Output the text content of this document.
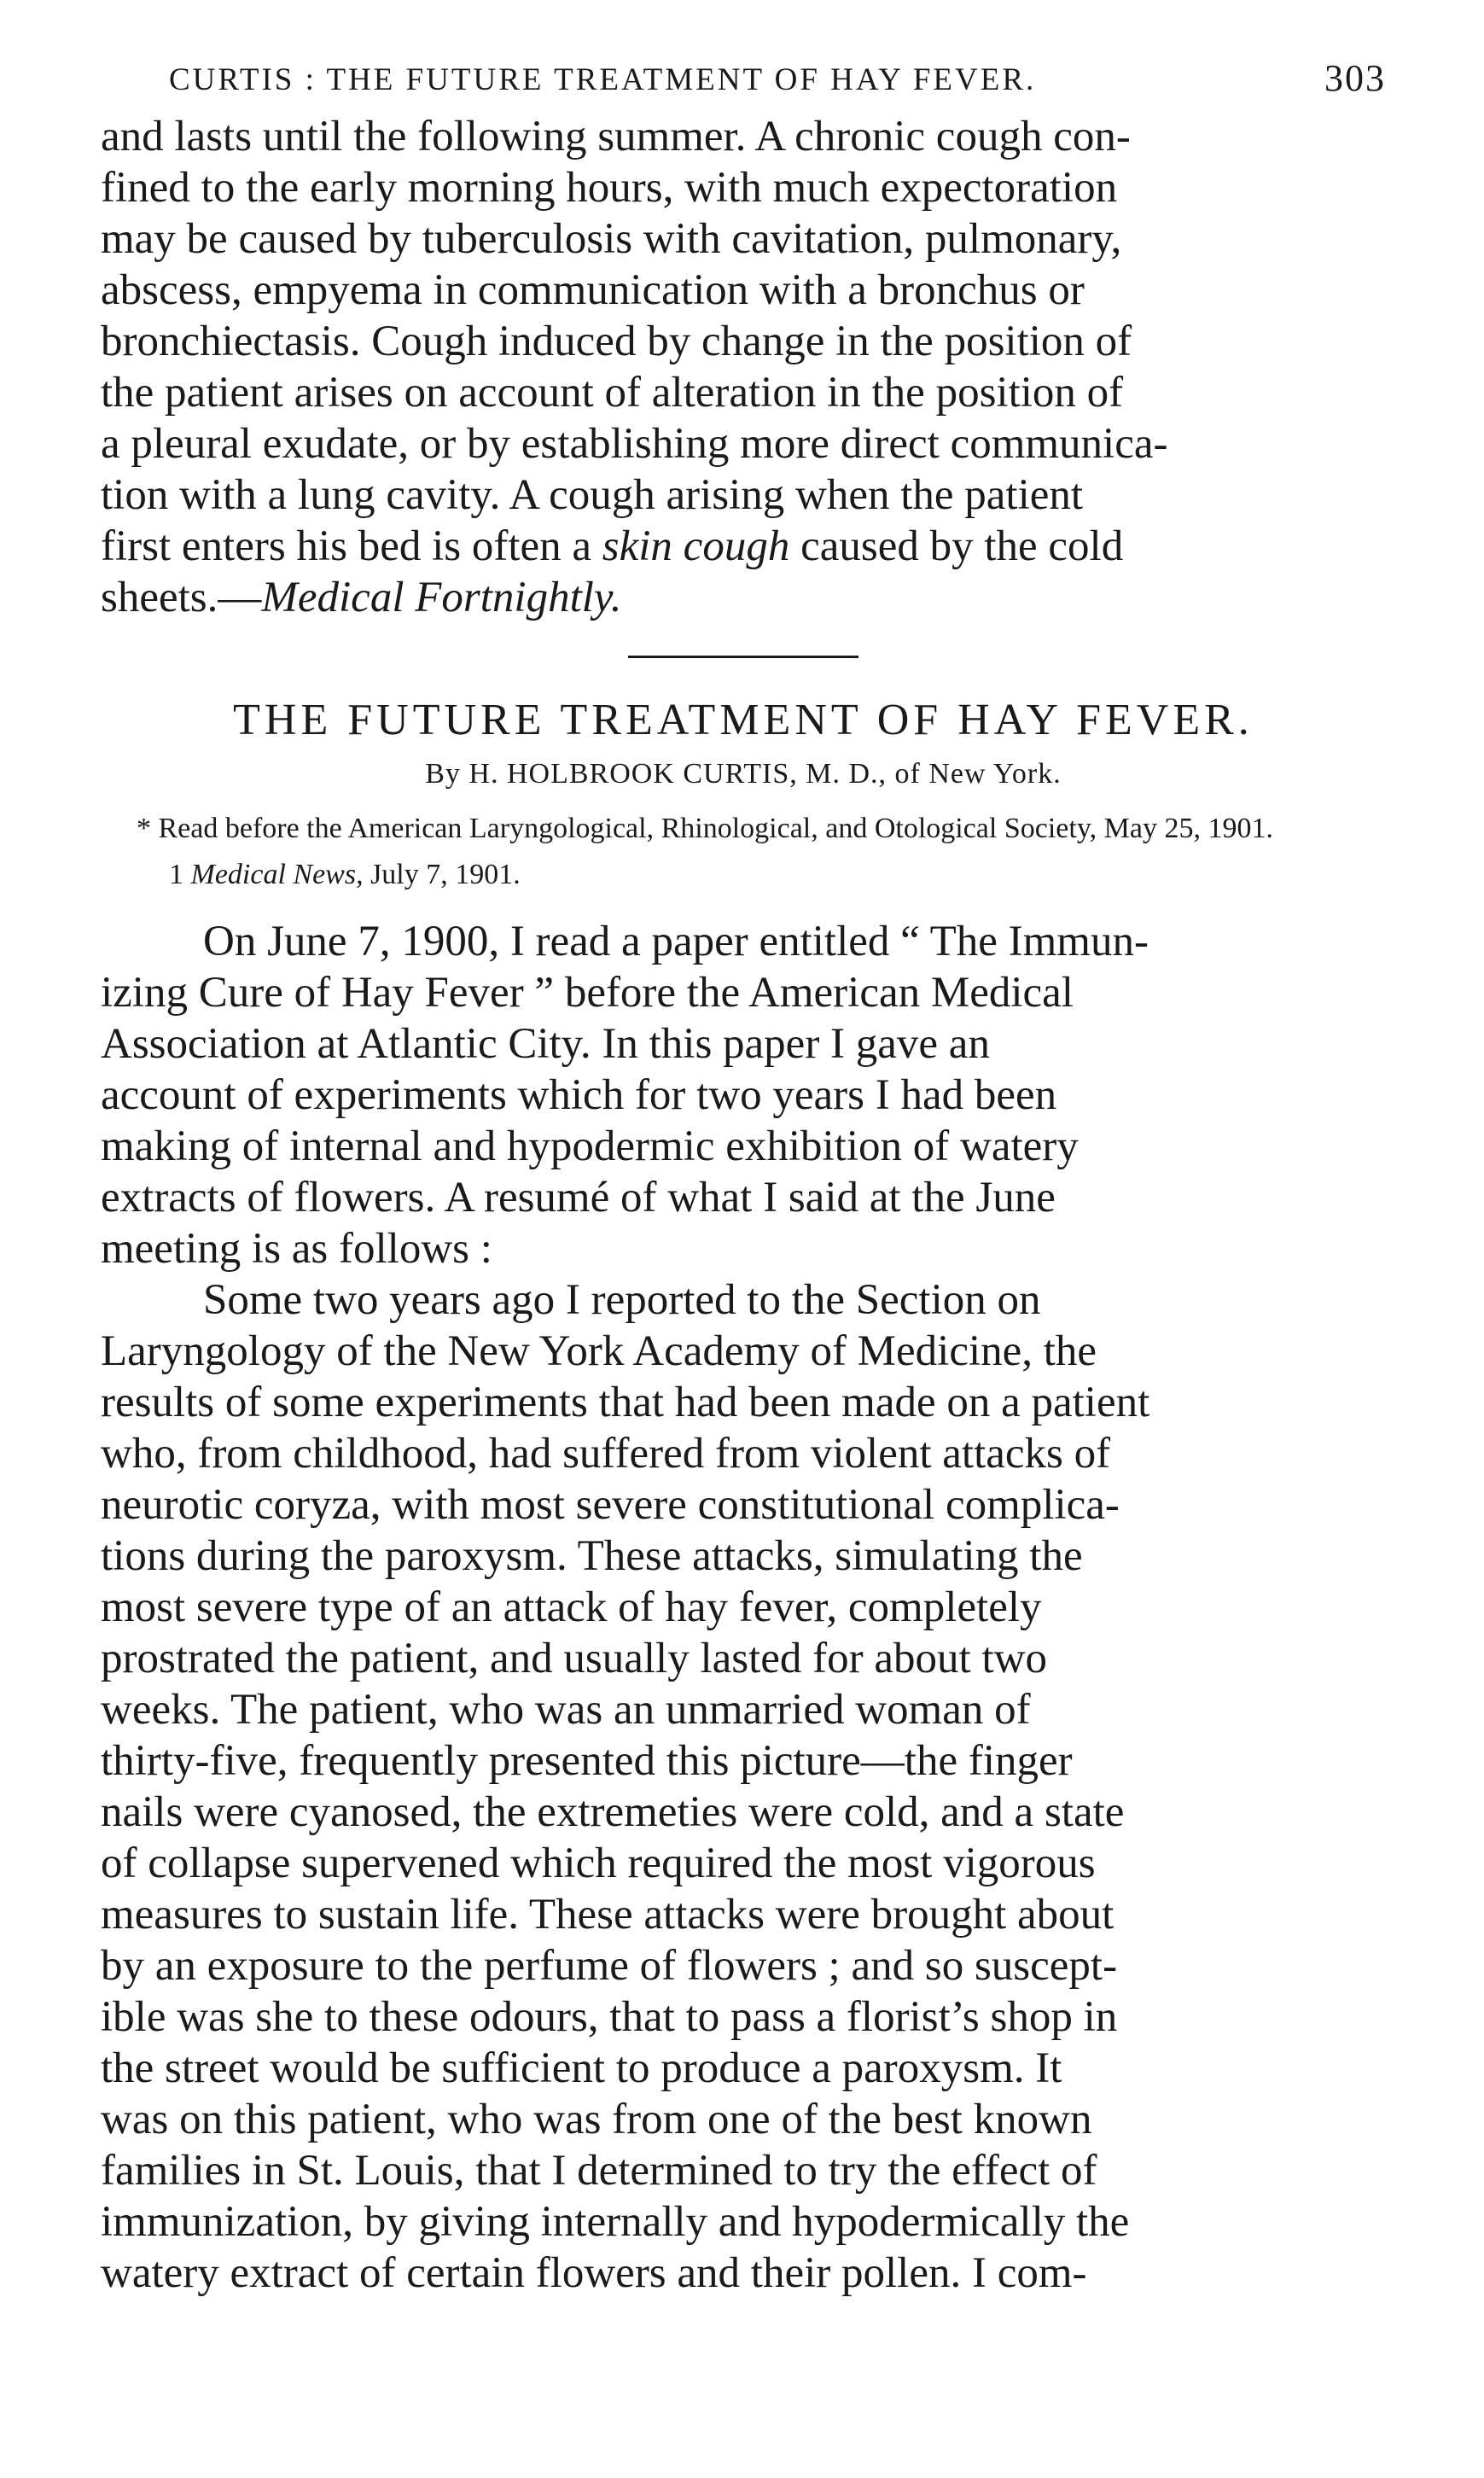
CURTIS : THE FUTURE TREATMENT OF HAY FEVER.	303
and lasts until the following summer. A chronic cough con-
fined to the early morning hours, with much expectoration
may be caused by tuberculosis with cavitation, pulmonary,
abscess, empyema in communication with a bronchus or
bronchiectasis. Cough induced by change in the position of
the patient arises on account of alteration in the position of
a pleural exudate, or by establishing more direct communica-
tion with a lung cavity. A cough arising when the patient
first enters his bed is often a skin cough caused by the cold
sheets.—Medical Fortnightly.
THE FUTURE TREATMENT OF HAY FEVER.
By H. HOLBROOK CURTIS, M. D., of New York.

* Read before the American Laryngological, Rhinological, and Otological Society, May 25, 1901.

1 Medical News, July 7, 1901.

On June 7, 1900, I read a paper entitled “ The Immun-
izing Cure of Hay Fever ” before the American Medical
Association at Atlantic City. In this paper I gave an
account of experiments which for two years I had been
making of internal and hypodermic exhibition of watery
extracts of flowers. A resumé of what I said at the June
meeting is as follows :
Some two years ago I reported to the Section on
Laryngology of the New York Academy of Medicine, the
results of some experiments that had been made on a patient
who, from childhood, had suffered from violent attacks of
neurotic coryza, with most severe constitutional complica-
tions during the paroxysm. These attacks, simulating the
most severe type of an attack of hay fever, completely
prostrated the patient, and usually lasted for about two
weeks. The patient, who was an unmarried woman of
thirty-five, frequently presented this picture—the finger
nails were cyanosed, the extremeties were cold, and a state
of collapse supervened which required the most vigorous
measures to sustain life. These attacks were brought about
by an exposure to the perfume of flowers ; and so suscept-
ible was she to these odours, that to pass a florist’s shop in
the street would be sufficient to produce a paroxysm. It
was on this patient, who was from one of the best known
families in St. Louis, that I determined to try the effect of
immunization, by giving internally and hypodermically the
watery extract of certain flowers and their pollen. I com-
